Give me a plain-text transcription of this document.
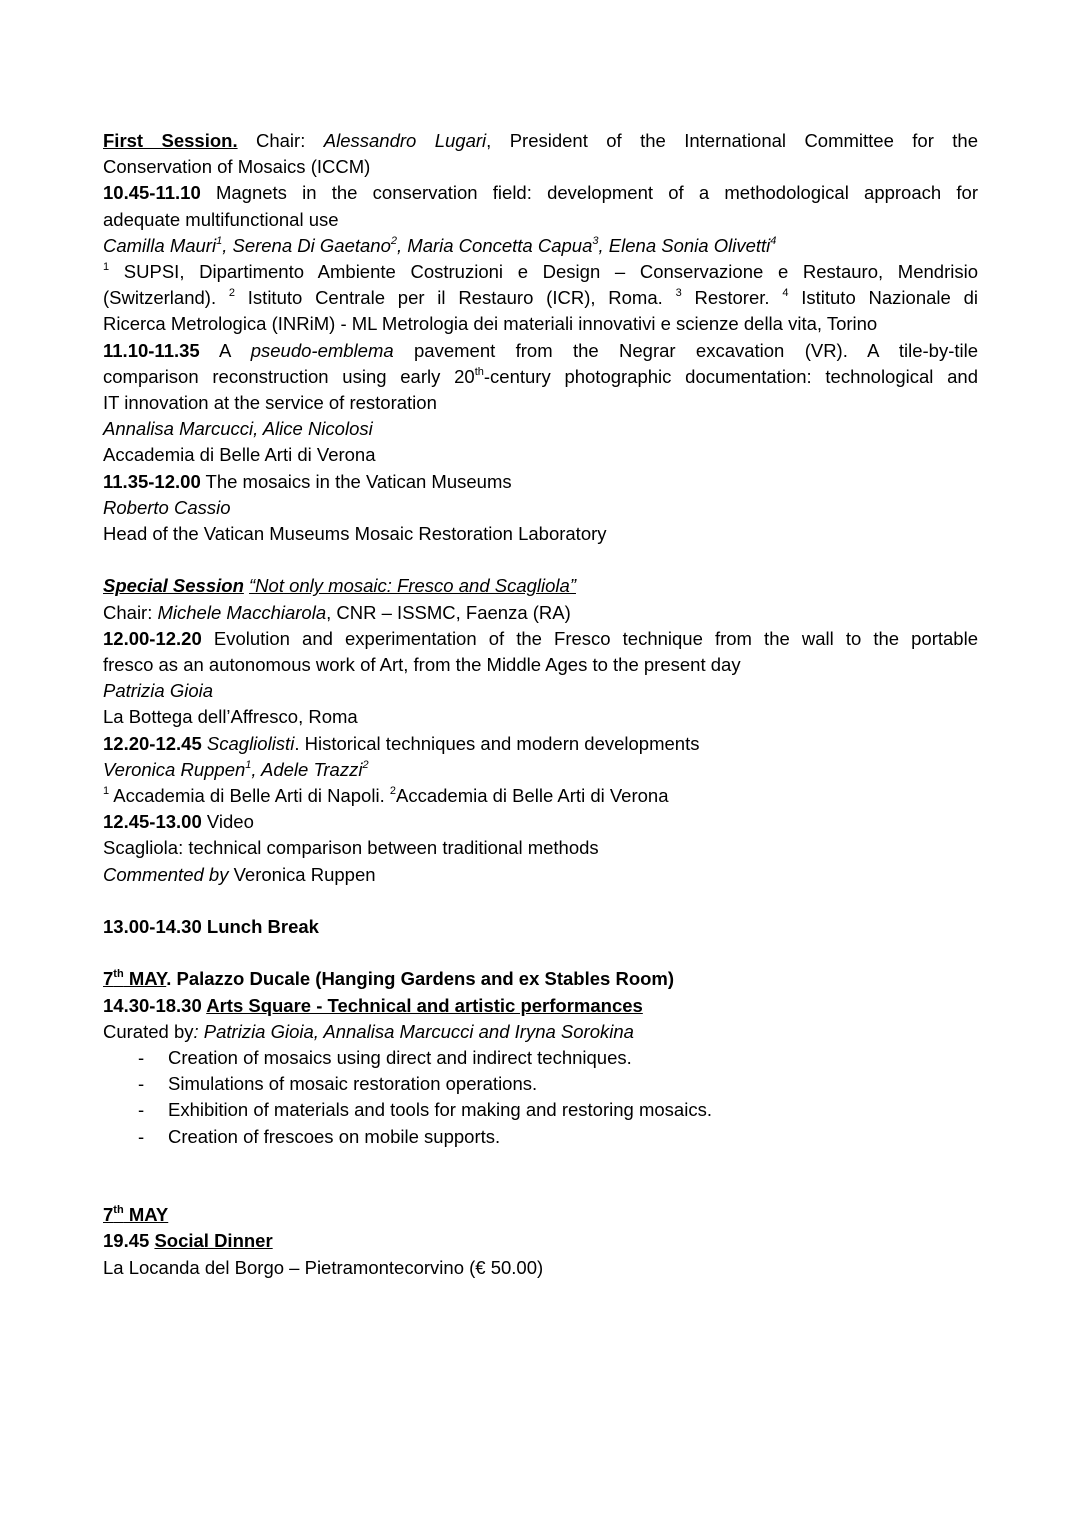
First Session. Chair: Alessandro Lugari, President of the International Committee for the
Conservation of Mosaics (ICCM)
10.45-11.10 Magnets in the conservation field: development of a methodological approach for
adequate multifunctional use
Camilla Mauri$^1$, Serena Di Gaetano$^2$, Maria Concetta Capua$^3$, Elena Sonia Olivetti$^4$
$^1$ SUPSI, Dipartimento Ambiente Costruzioni e Design – Conservazione e Restauro, Mendrisio
(Switzerland). $^2$ Istituto Centrale per il Restauro (ICR), Roma. $^3$ Restorer. $^4$ Istituto Nazionale di
Ricerca Metrologica (INRiM) - ML Metrologia dei materiali innovativi e scienze della vita, Torino
11.10-11.35 A pseudo-emblema pavement from the Negrar excavation (VR). A tile-by-tile
comparison reconstruction using early 20th-century photographic documentation: technological and
IT innovation at the service of restoration
Annalisa Marcucci, Alice Nicolosi
Accademia di Belle Arti di Verona
11.35-12.00 The mosaics in the Vatican Museums
Roberto Cassio
Head of the Vatican Museums Mosaic Restoration Laboratory
Special Session “Not only mosaic: Fresco and Scagliola”
Chair: Michele Macchiarola, CNR – ISSMC, Faenza (RA)
12.00-12.20 Evolution and experimentation of the Fresco technique from the wall to the portable
fresco as an autonomous work of Art, from the Middle Ages to the present day
Patrizia Gioia
La Bottega dell’Affresco, Roma
12.20-12.45 Scagliolisti. Historical techniques and modern developments
Veronica Ruppen$^1$, Adele Trazzi$^2$
$^1$ Accademia di Belle Arti di Napoli. $^2$Accademia di Belle Arti di Verona
12.45-13.00 Video
Scagliola: technical comparison between traditional methods
Commented by Veronica Ruppen
13.00-14.30 Lunch Break
7th MAY. Palazzo Ducale (Hanging Gardens and ex Stables Room)
14.30-18.30 Arts Square - Technical and artistic performances
Curated by: Patrizia Gioia, Annalisa Marcucci and Iryna Sorokina
- Creation of mosaics using direct and indirect techniques.
- Simulations of mosaic restoration operations.
- Exhibition of materials and tools for making and restoring mosaics.
- Creation of frescoes on mobile supports.
7th MAY
19.45 Social Dinner
La Locanda del Borgo – Pietramontecorvino (€ 50.00)
